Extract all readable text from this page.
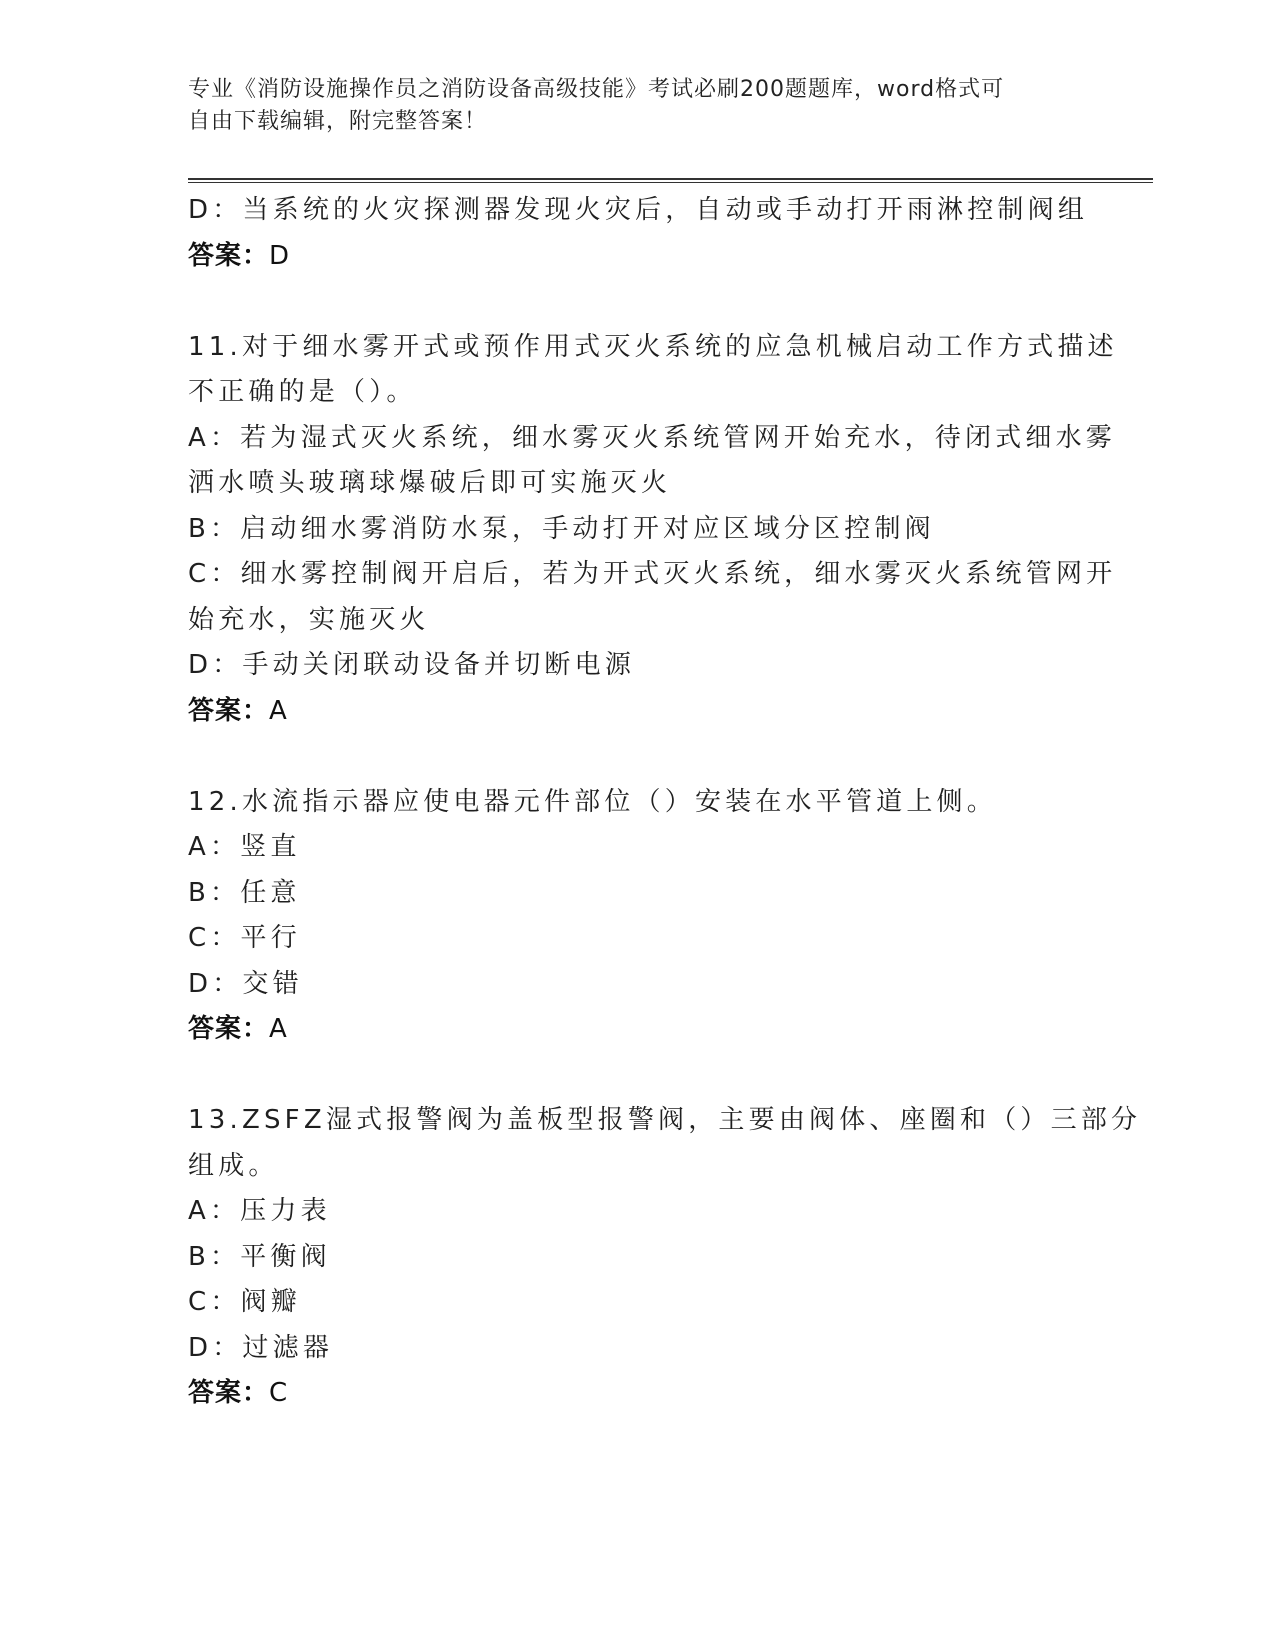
专业《消防设施操作员之消防设备高级技能》考试必刷200题题库，word格式可
自由下载编辑，附完整答案！
D：当系统的火灾探测器发现火灾后，自动或手动打开雨淋控制阀组
答案：D
11.对于细水雾开式或预作用式灭火系统的应急机械启动工作方式描述
不正确的是（）。
A：若为湿式灭火系统，细水雾灭火系统管网开始充水，待闭式细水雾
洒水喷头玻璃球爆破后即可实施灭火
B：启动细水雾消防水泵，手动打开对应区域分区控制阀
C：细水雾控制阀开启后，若为开式灭火系统，细水雾灭火系统管网开
始充水，实施灭火
D：手动关闭联动设备并切断电源
答案：A
12.水流指示器应使电器元件部位（）安装在水平管道上侧。
A：竖直
B：任意
C：平行
D：交错
答案：A
13.ZSFZ湿式报警阀为盖板型报警阀，主要由阀体、座圈和（）三部分
组成。
A：压力表
B：平衡阀
C：阀瓣
D：过滤器
答案：C
